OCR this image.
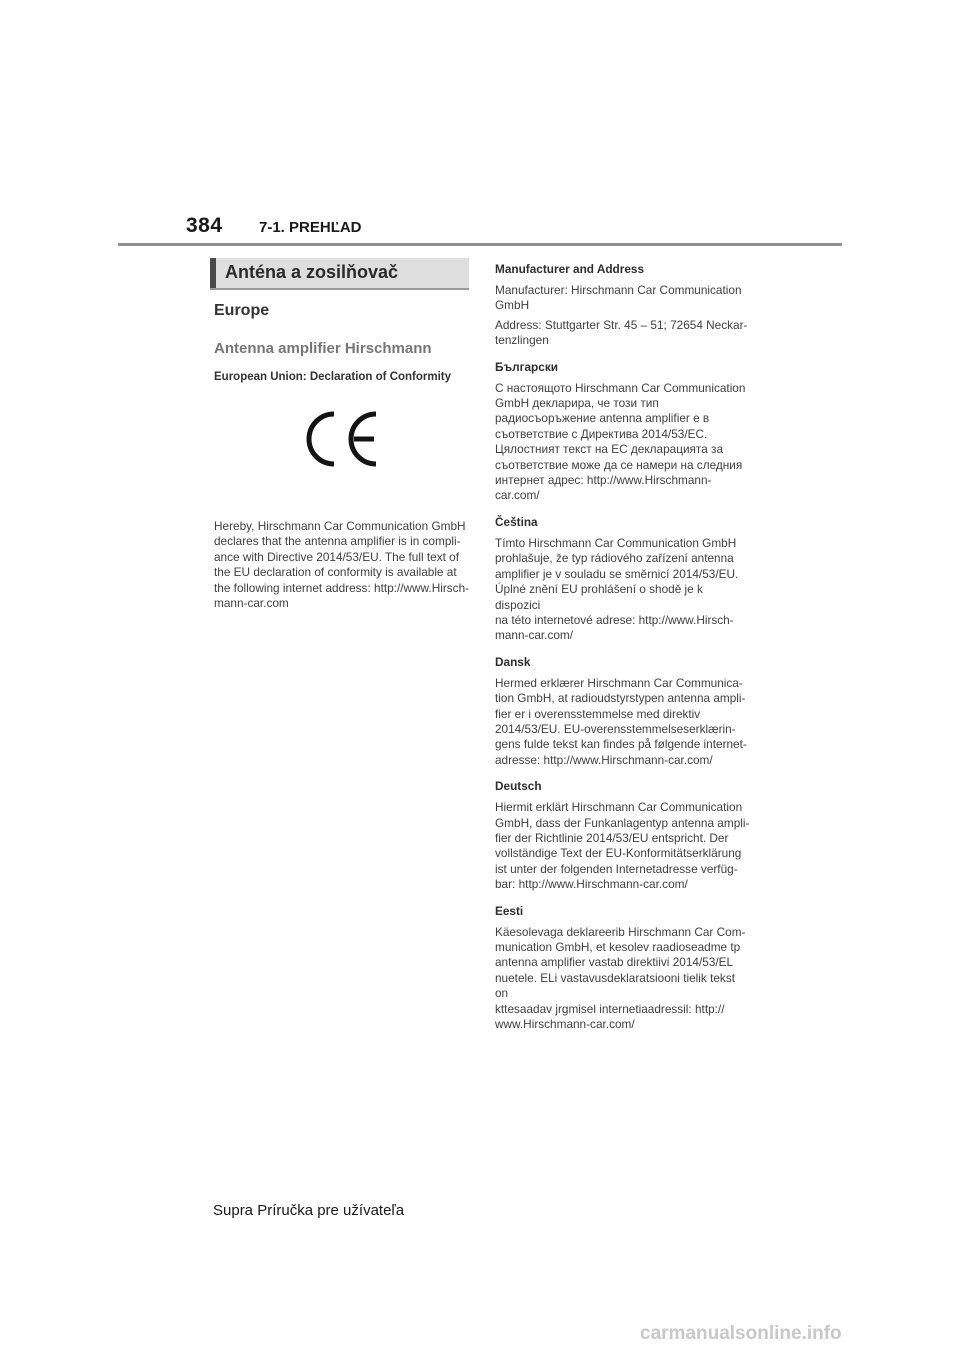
384 7-1. PREHĽAD
Anténa a zosilňovač
Europe
Antenna amplifier Hirschmann
European Union: Declaration of Conformity
Hereby, Hirschmann Car Communication GmbH
declares that the antenna amplifier is in compli-
ance with Directive 2014/53/EU. The full text of
the EU declaration of conformity is available at
the following internet address: http://www.Hirsch-
mann-car.com
Manufacturer and Address

Manufacturer: Hirschmann Car Communication
GmbH

Address: Stuttgarter Str. 45 – 51; 72654 Neckar-
tenzlingen

Български

С настоящото Hirschmann Car Communication
GmbH декларира, че този тип
радиосъоръжение antenna amplifier е в
съответствие с Директива 2014/53/ЕС.
Цялостният текст на ЕС декларацията за
съответствие може да се намери на следния
интернет адрес: http://www.Hirschmann-
car.com/

Čeština

Tímto Hirschmann Car Communication GmbH
prohlašuje, že typ rádiového zařízení antenna
amplifier je v souladu se směrnicí 2014/53/EU.
Úplné znění EU prohlášení o shodě je k dispozici
na této internetové adrese: http://www.Hirsch-
mann-car.com/

Dansk

Hermed erklærer Hirschmann Car Communica-
tion GmbH, at radioudstyrstypen antenna ampli-
fier er i overensstemmelse med direktiv
2014/53/EU. EU-overensstemmelseserklærin-
gens fulde tekst kan findes på følgende internet-
adresse: http://www.Hirschmann-car.com/

Deutsch

Hiermit erklärt Hirschmann Car Communication
GmbH, dass der Funkanlagentyp antenna ampli-
fier der Richtlinie 2014/53/EU entspricht. Der
vollständige Text der EU-Konformitätserklärung
ist unter der folgenden Internetadresse verfüg-
bar: http://www.Hirschmann-car.com/

Eesti

Käesolevaga deklareerib Hirschmann Car Com-
munication GmbH, et kesolev raadioseadme tp
antenna amplifier vastab direktiivi 2014/53/EL
nuetele. ELi vastavusdeklaratsiooni tielik tekst on
kttesaadav jrgmisel internetiaadressil: http://
www.Hirschmann-car.com/

Supra Príručka pre užívateľa
carmanualsonline.info
